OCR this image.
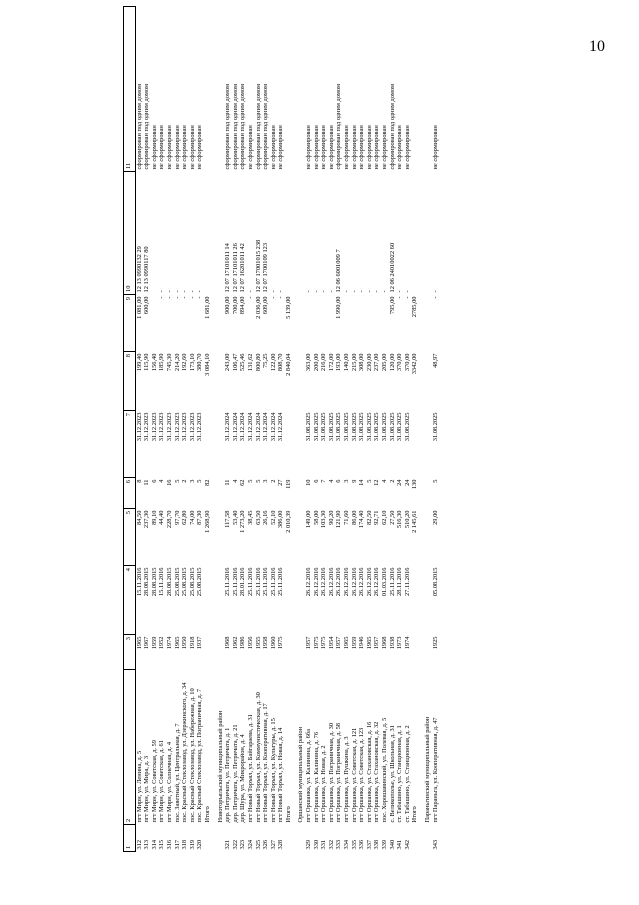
10
1	2	3	4	5	6	7	8	9	10	11
312	пгт Мирн, ул. Ленина, д. 5	1965	15.11.2016	84,50	8	31.12.2023	199,40	1 081,00	12 13 0990132 29	сформирован под одним домом
313	пгт Мирн, ул. Мира, д. 3	1967	28.08.2015	237,30	11	31.12.2023	115,90	600,00	12 13 0990117 80	сформирован под одним домом
314	пгт Мирн, ул. Советская, д. 59	1959	28.08.2015	89,10	6	31.12.2023	156,40			не сформирован
315	пгт Мирн, ул. Советская, д. 61	1952	15.11.2016	44,40	4	31.12.2023	185,90	-	-	не сформирован
316	пгт Мирн, ул. Солнечная, д. 4	1974	28.08.2015	228,70	16	31.12.2023	745,30	-	-	не сформирован
317	пос. Заветный, ул. Центральная, д. 7	1965	25.08.2015	97,70	5	31.12.2023	214,20	-	-	не сформирован
318	пос. Красный Стеклозавод, ул. Дзержинского, д. 34	1950	25.08.2015	62,80	2	31.12.2023	192,60	-	-	не сформирован
319	пос. Красный Стеклозавод, ул. Набережная, д. 10	1918	25.08.2015	74,00	3	31.12.2023	173,10	-	-	не сформирован
320	пос. Красный Стеклозавод, ул. Пограничная, д. 7	1937	25.08.2015	87,30	5	31.12.2023	380,70	-	-	не сформирован
	Итого			1 268,90	82		3 084,10	1 681,00		

	Новоторъяльский муниципальный район									
321	дер. Петричата, ул. Петричата, д. 1	1968	25.11.2016	117,58	11	31.12.2024	243,00	900,00	12 07 17101011 14	сформирован под одним домом
322	дер. Петричата, ул. Петричата, д. 21	1962	25.11.2016	53,40	4	31.12.2024	106,47	700,00	12 07 17101011 26	сформирован под одним домом
323	дер. Шура, ул. Микрорайон, д. 4	1986	28.01.2016	1 273,20	62	31.12.2024	525,46	894,00	12 07 16201011 42	сформирован под одним домом
324	пгт Новый Торъял, ул. Байгараева, д. 31	1956	25.11.2016	38,45	5	31.12.2024	131,62	-	-	не сформирован
325	пгт Новый Торъял, ул. Коммунистическая, д. 30	1955	25.11.2016	63,50	5	31.12.2024	800,80	2 036,00	12 07 17001015 238	сформирован под одним домом
326	пгт Новый Торъял, ул. Кооперативная, д. 17	1958	25.11.2016	26,16	3	31.12.2024	75,25	609,00	12 07 1700109 123	сформирован под одним домом
327	пгт Новый Торъял, ул. Культуры, д. 15	1960	25.11.2016	52,10	2	31.12.2024	122,00	-	-	не сформирован
328	пгт Новый Торъял, ул. Новая, д. 14	1975	25.11.2016	386,00	27	31.12.2024	808,70	-	-	не сформирован
	Итого			2 010,39	119		2 840,04	5 139,00		

	Оршанский муниципальный район									
329	пгт Оршанка, ул. Калинина, д. 6ба	1957	26.12.2016	149,00	10	31.08.2025	363,00		-	не сформирован
330	пгт Оршанка, ул. Калинина, д. 76	1975	26.12.2016	58,00	6	31.08.2025	200,00		-	не сформирован
331	пгт Оршанка, ул. Новая, д. 2	1975	26.12.2016	103,30	7	31.08.2025	216,00		-	не сформирован
332	пгт Оршанка, ул. Пограничная, д. 30	1954	26.12.2016	90,20	4	31.08.2025	172,00		-	не сформирован
333	пгт Оршанка, ул. Пограничная, д. 58	1957	26.12.2016	121,90	6	31.08.2025	193,00	1 990,00	12 06 6001009 7	сформирован под одним домом
334	пгт Оршанка, ул. Пушкина, д. 3	1965	26.12.2016	71,60	3	31.08.2025	140,00		-	не сформирован
335	пгт Оршанка, ул. Советская, д. 121	1959	26.12.2016	86,00	9	31.08.2025	215,00		-	не сформирован
336	пгт Оршанка, ул. Советская, д. 123	1946	26.12.2016	174,40	14	31.08.2025	308,00		-	не сформирован
337	пгт Оршанка, ул. Стахановская, д. 16	1965	26.12.2016	82,50	5	31.08.2025	230,00		-	не сформирован
338	пгт Оршанка, ул. Стахановская, д. 32	1957	26.12.2016	92,71	12	31.08.2025	237,00		-	не сформирован
339	пос. Хорошавинский, ул. Полевая, д. 5	1968	01.03.2016	62,10	4	31.08.2025	205,00		-	не сформирован
340	с. Великополье, ул. Школьная, д. 31	1938	25.11.2016	27,50	2	31.08.2025	120,00	795,00	12 06 24010022 60	сформирован под одним домом
341	ст. Табашино, ул. Станционная, д. 1	1973	28.11.2016	516,30	24	31.08.2025	370,00	-	-	не сформирован
342	ст. Табашино, ул. Станционная, д. 2	1974	27.11.2016	510,20	24	31.08.2025	370,00	-	-	не сформирован
	Итого			2 145,61	130		3342,00	2785,00		

	Параньгинский муниципальный район									
343	пгт Параньга, ул. Кооперативная, д. 47	1925	05.08.2015	29,00	5	31.08.2025	48,97	-	-	не сформирован
